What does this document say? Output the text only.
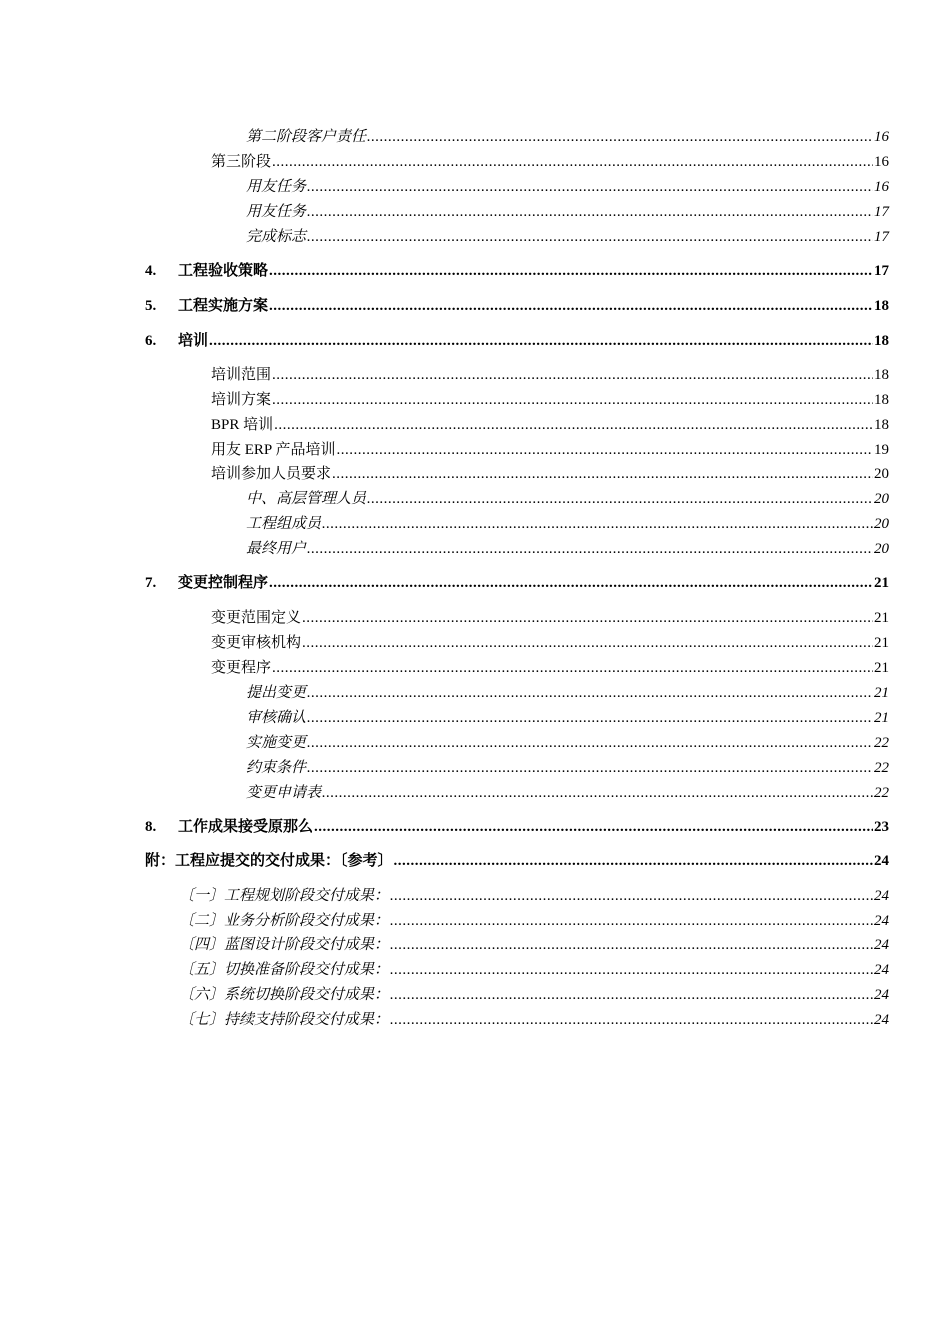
第二阶段客户责任 .....	16
第三阶段 .....	16
用友任务 .....	16
用友任务 .....	17
完成标志 .....	17
4.	工程验收策略 .....	17
5.	工程实施方案 .....	18
6.	培训 .....	18
培训范围 .....	18
培训方案 .....	18
BPR 培训 .....	18
用友 ERP 产品培训 .....	19
培训参加人员要求 .....	20
中、高层管理人员 .....	20
工程组成员 .....	20
最终用户 .....	20
7.	变更控制程序 .....	21
变更范围定义 .....	21
变更审核机构 .....	21
变更程序 .....	21
提出变更 .....	21
审核确认 .....	21
实施变更 .....	22
约束条件 .....	22
变更申请表 .....	22
8.	工作成果接受原那么 .....	23
附：工程应提交的交付成果：〔参考〕 .....	24
〔一〕工程规划阶段交付成果： .....	24
〔二〕业务分析阶段交付成果： .....	24
〔四〕蓝图设计阶段交付成果： .....	24
〔五〕切换准备阶段交付成果： .....	24
〔六〕系统切换阶段交付成果： .....	24
〔七〕持续支持阶段交付成果： .....	24
